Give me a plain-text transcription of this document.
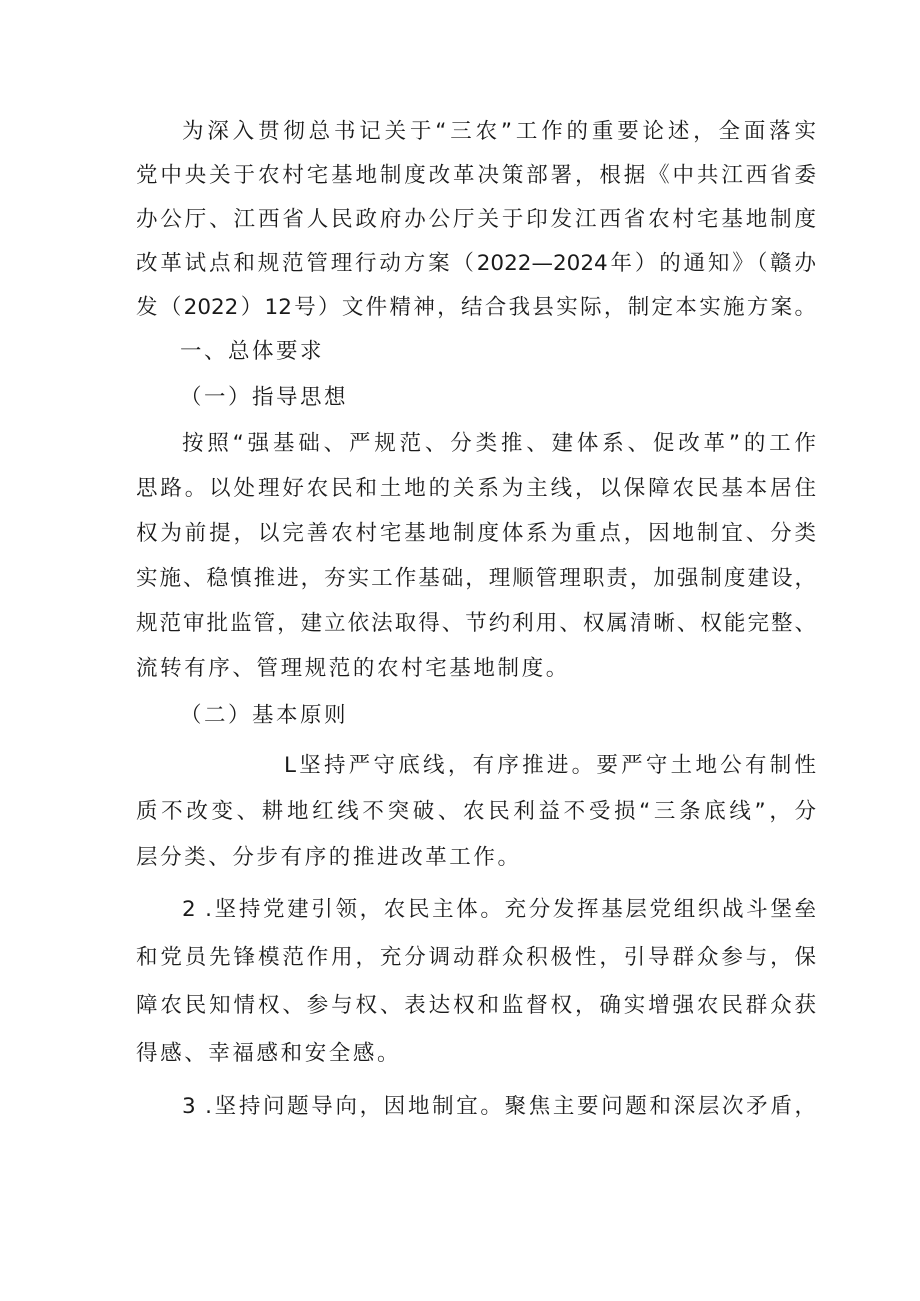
为深入贯彻总书记关于“三农”工作的重要论述，全面落实
党中央关于农村宅基地制度改革决策部署，根据《中共江西省委
办公厅、江西省人民政府办公厅关于印发江西省农村宅基地制度
改革试点和规范管理行动方案（2022—2024年）的通知》（赣办
发（2022）12号）文件精神，结合我县实际，制定本实施方案。
一、总体要求
（一）指导思想
按照“强基础、严规范、分类推、建体系、促改革”的工作
思路。以处理好农民和土地的关系为主线，以保障农民基本居住
权为前提，以完善农村宅基地制度体系为重点，因地制宜、分类
实施、稳慎推进，夯实工作基础，理顺管理职责，加强制度建设，
规范审批监管，建立依法取得、节约利用、权属清晰、权能完整、
流转有序、管理规范的农村宅基地制度。
（二）基本原则
L坚持严守底线，有序推进。要严守土地公有制性
质不改变、耕地红线不突破、农民利益不受损“三条底线”，分
层分类、分步有序的推进改革工作。
2 .坚持党建引领，农民主体。充分发挥基层党组织战斗堡垒
和党员先锋模范作用，充分调动群众积极性，引导群众参与，保
障农民知情权、参与权、表达权和监督权，确实增强农民群众获
得感、幸福感和安全感。
3 .坚持问题导向，因地制宜。聚焦主要问题和深层次矛盾，
